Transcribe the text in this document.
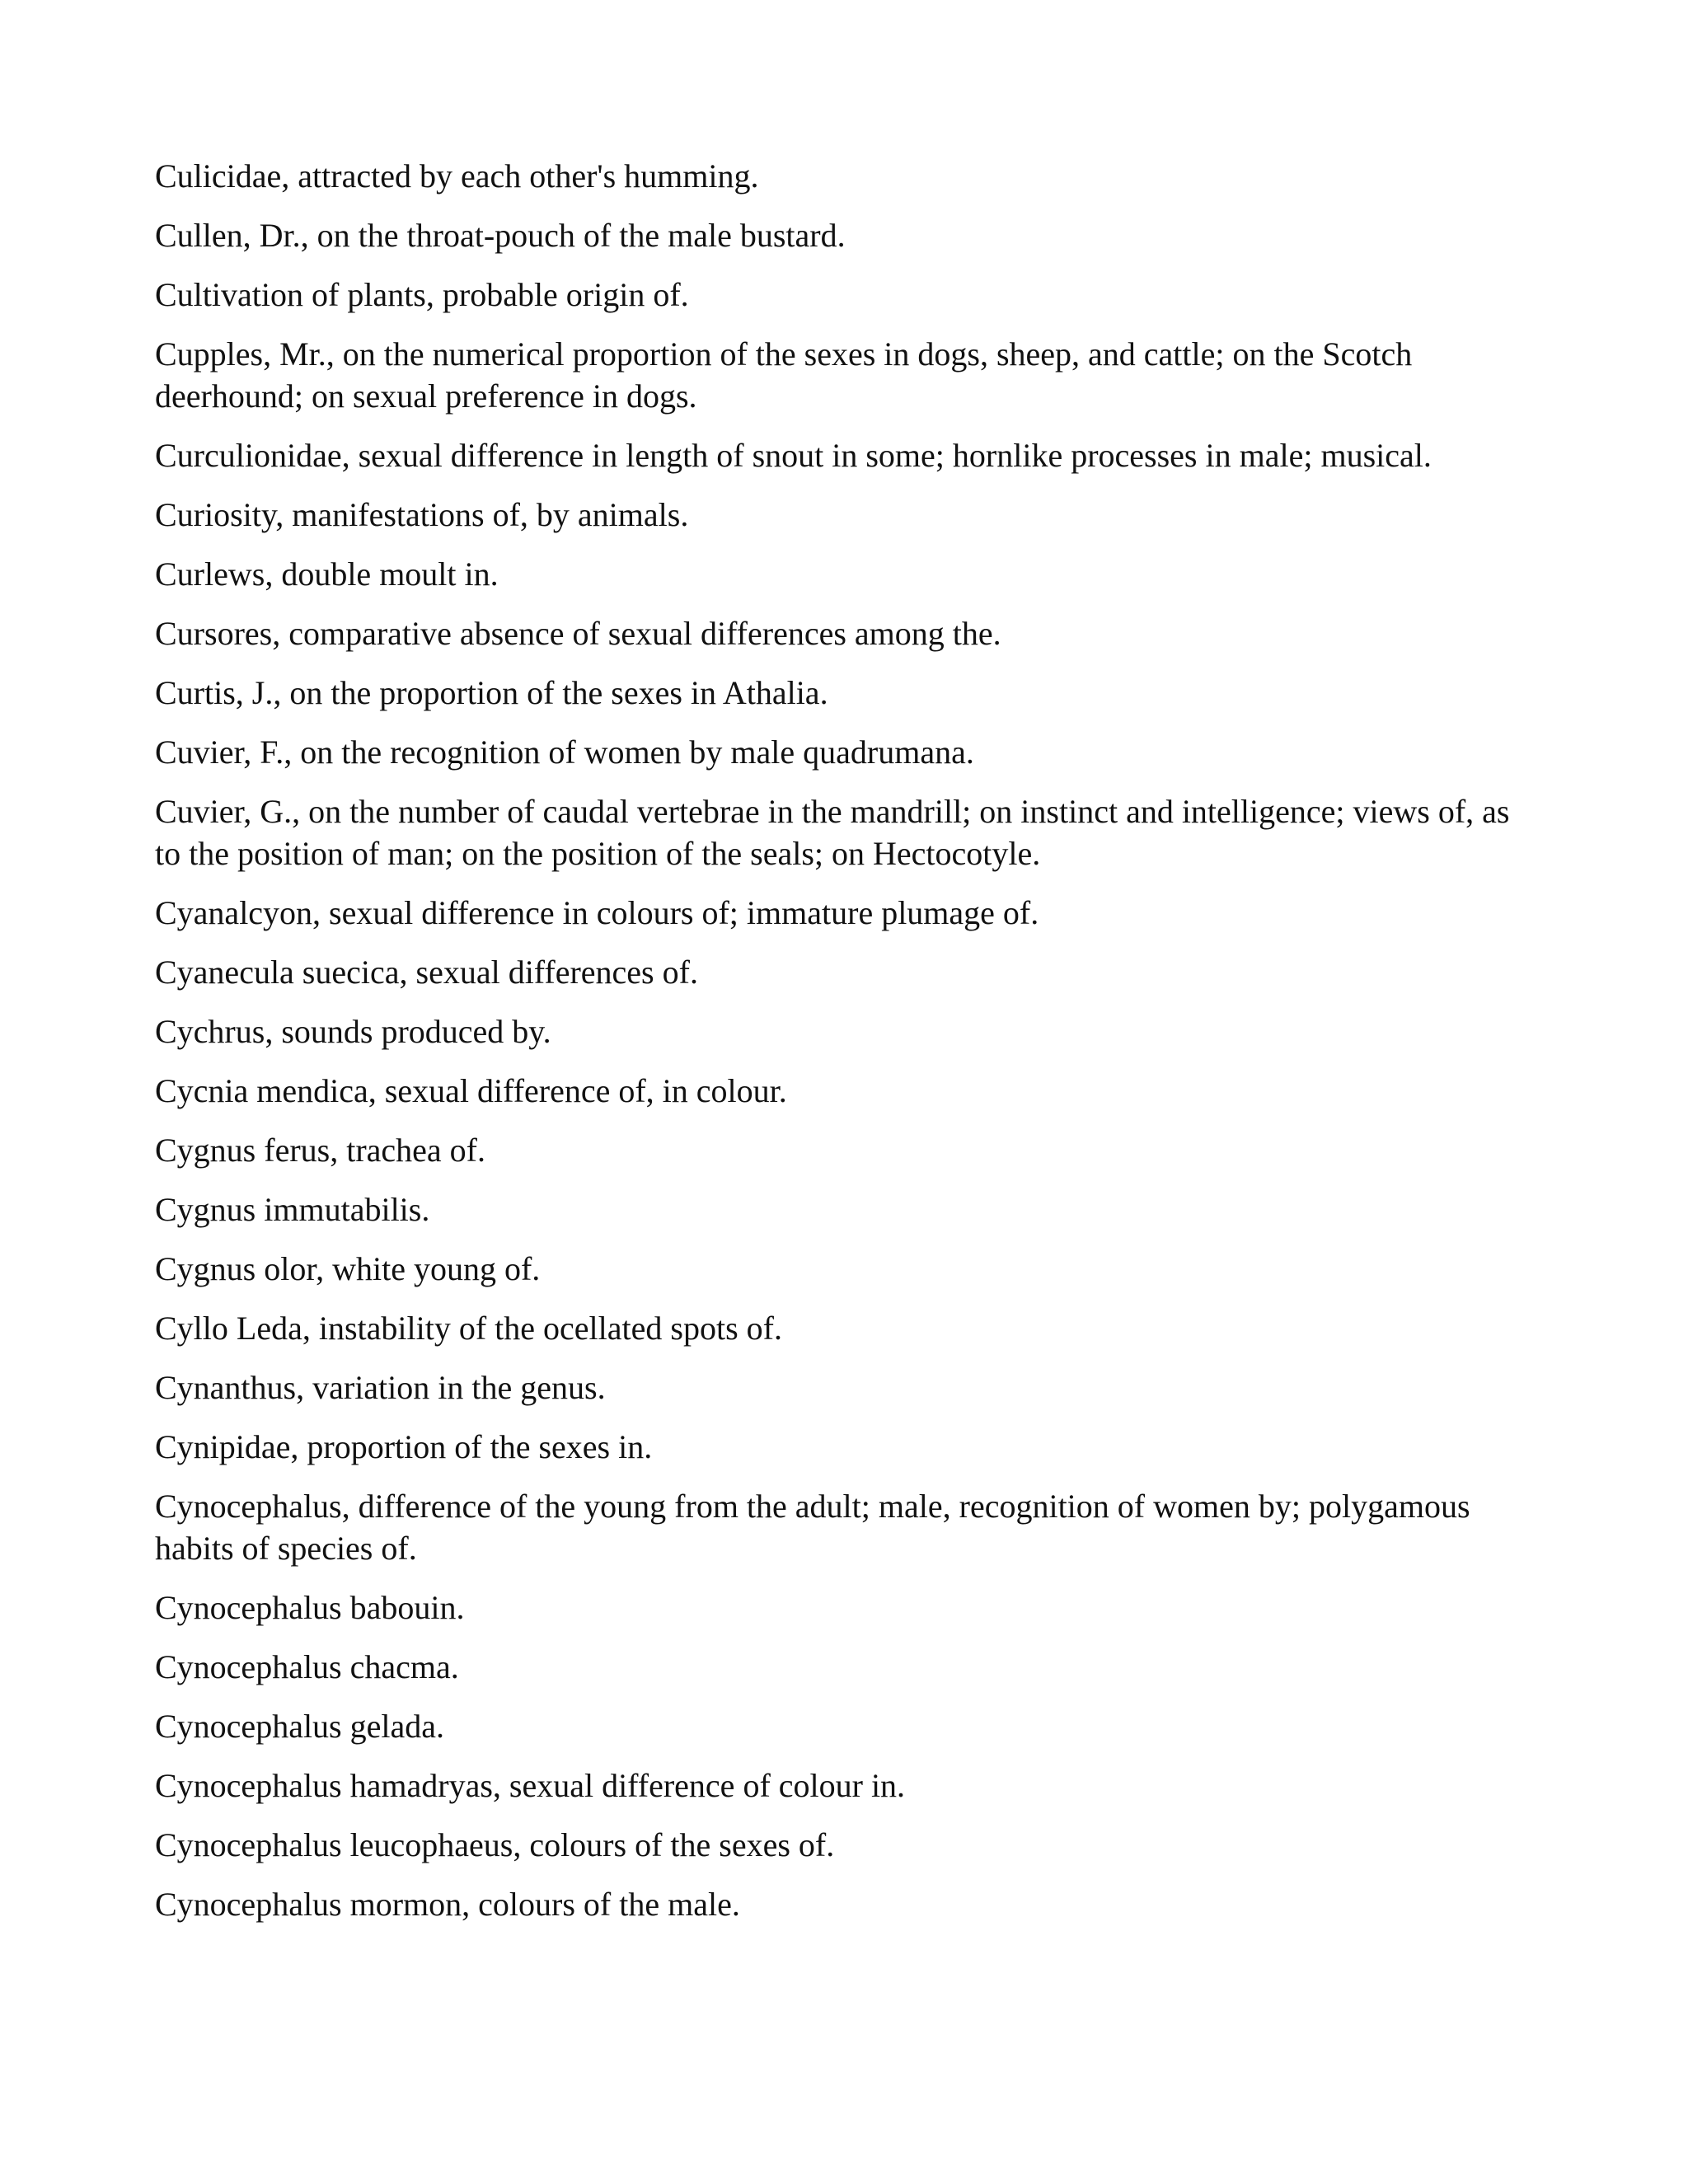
Culicidae, attracted by each other's humming.
Cullen, Dr., on the throat-pouch of the male bustard.
Cultivation of plants, probable origin of.
Cupples, Mr., on the numerical proportion of the sexes in dogs, sheep, and cattle; on the Scotch deerhound; on sexual preference in dogs.
Curculionidae, sexual difference in length of snout in some; hornlike processes in male; musical.
Curiosity, manifestations of, by animals.
Curlews, double moult in.
Cursores, comparative absence of sexual differences among the.
Curtis, J., on the proportion of the sexes in Athalia.
Cuvier, F., on the recognition of women by male quadrumana.
Cuvier, G., on the number of caudal vertebrae in the mandrill; on instinct and intelligence; views of, as to the position of man; on the position of the seals; on Hectocotyle.
Cyanalcyon, sexual difference in colours of; immature plumage of.
Cyanecula suecica, sexual differences of.
Cychrus, sounds produced by.
Cycnia mendica, sexual difference of, in colour.
Cygnus ferus, trachea of.
Cygnus immutabilis.
Cygnus olor, white young of.
Cyllo Leda, instability of the ocellated spots of.
Cynanthus, variation in the genus.
Cynipidae, proportion of the sexes in.
Cynocephalus, difference of the young from the adult; male, recognition of women by; polygamous habits of species of.
Cynocephalus babouin.
Cynocephalus chacma.
Cynocephalus gelada.
Cynocephalus hamadryas, sexual difference of colour in.
Cynocephalus leucophaeus, colours of the sexes of.
Cynocephalus mormon, colours of the male.
